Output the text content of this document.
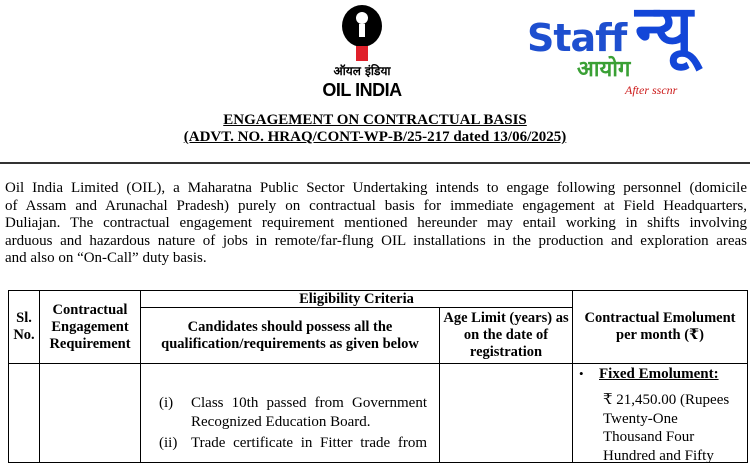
ऑयल इंडिया
OIL INDIA
Staff न्यू
आयोग
After sscnr
ENGAGEMENT ON CONTRACTUAL BASIS
(ADVT. NO. HRAQ/CONT-WP-B/25-217 dated 13/06/2025)
Oil India Limited (OIL), a Maharatna Public Sector Undertaking intends to engage following personnel (domicile
of Assam and Arunachal Pradesh) purely on contractual basis for immediate engagement at Field Headquarters,
Duliajan. The contractual engagement requirement mentioned hereunder may entail working in shifts involving
arduous and hazardous nature of jobs in remote/far-flung OIL installations in the production and exploration areas
and also on “On-Call” duty basis.
Sl. No.
Contractual Engagement Requirement
Eligibility Criteria
Candidates should possess all the qualification/requirements as given below
Age Limit (years) as on the date of registration
Contractual Emolument per month (₹)
(i)	Class 10th passed from Government Recognized Education Board.
(ii) Trade certificate in Fitter trade from
• Fixed Emolument:
₹ 21,450.00 (Rupees
Twenty-One
Thousand Four
Hundred and Fifty
